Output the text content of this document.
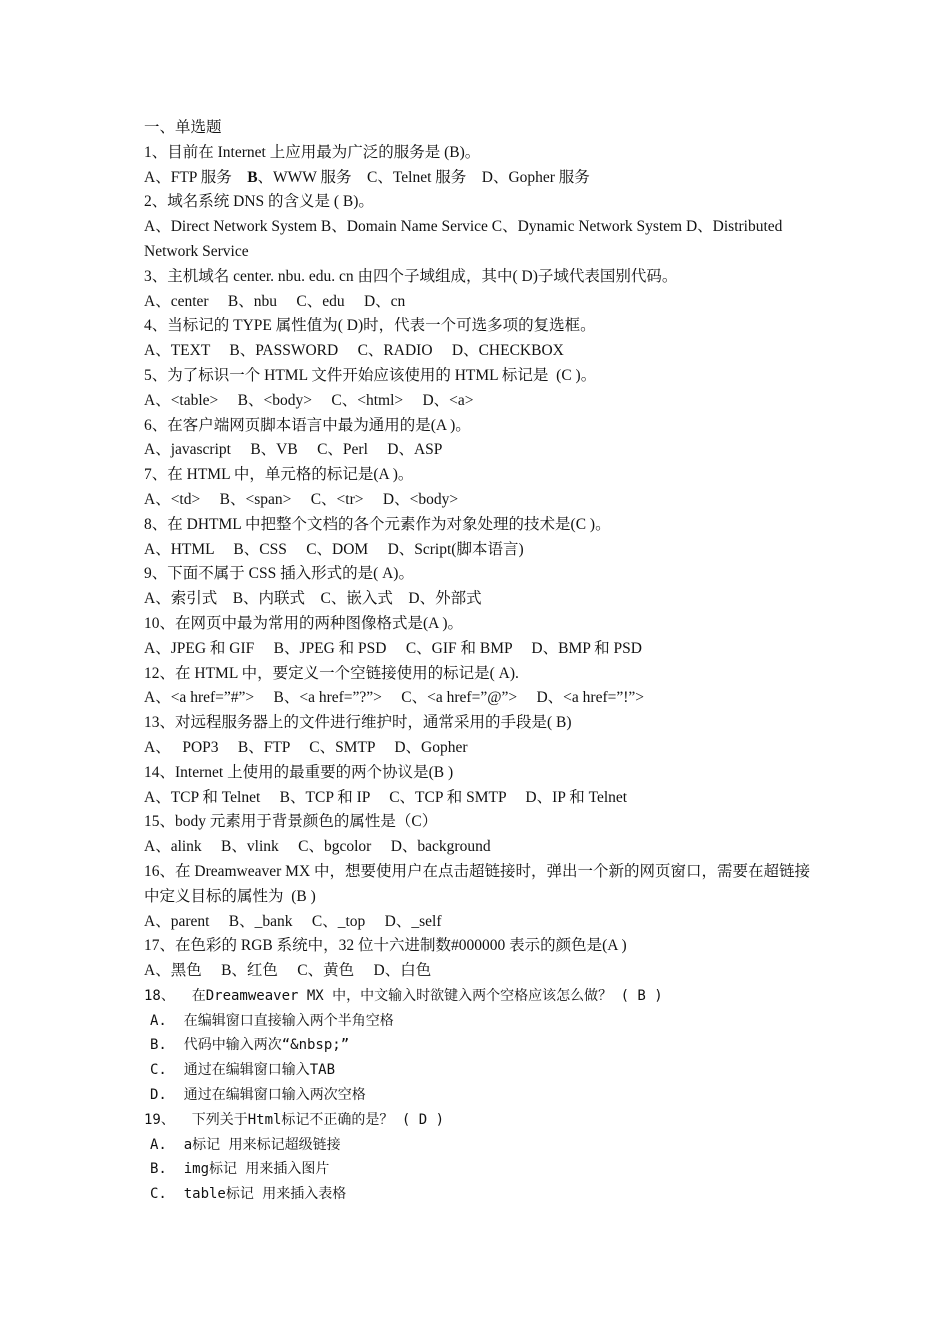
一、单选题
1、目前在 Internet 上应用最为广泛的服务是 (B)。
A、FTP 服务    B、WWW 服务    C、Telnet 服务    D、Gopher 服务
2、域名系统 DNS 的含义是 ( B)。
A、Direct Network System B、Domain Name Service C、Dynamic Network System D、Distributed Network Service
3、主机域名 center. nbu. edu. cn 由四个子域组成，其中( D)子域代表国别代码。
A、center     B、nbu     C、edu     D、cn
4、当标记的 TYPE 属性值为( D)时，代表一个可选多项的复选框。
A、TEXT     B、PASSWORD     C、RADIO     D、CHECKBOX
5、为了标识一个 HTML 文件开始应该使用的 HTML 标记是  (C )。
A、<table>     B、<body>     C、<html>     D、<a>
6、在客户端网页脚本语言中最为通用的是(A )。
A、javascript     B、VB     C、Perl     D、ASP
7、在 HTML 中，单元格的标记是(A )。
A、<td>     B、<span>     C、<tr>     D、<body>
8、在 DHTML 中把整个文档的各个元素作为对象处理的技术是(C )。
A、HTML     B、CSS     C、DOM     D、Script(脚本语言)
9、下面不属于 CSS 插入形式的是( A)。
A、索引式    B、内联式    C、嵌入式    D、外部式
10、在网页中最为常用的两种图像格式是(A )。
A、JPEG 和 GIF     B、JPEG 和 PSD     C、GIF 和 BMP     D、BMP 和 PSD
12、在 HTML 中，要定义一个空链接使用的标记是( A).
A、<a href=”#”>     B、<a href=”?”>     C、<a href=”@”>     D、<a href=”!”>
13、对远程服务器上的文件进行维护时，通常采用的手段是( B)
A、   POP3     B、FTP     C、SMTP     D、Gopher
14、Internet 上使用的最重要的两个协议是(B )
A、TCP 和 Telnet     B、TCP 和 IP     C、TCP 和 SMTP     D、IP 和 Telnet
15、body 元素用于背景颜色的属性是（C）
A、alink     B、vlink     C、bgcolor     D、background
16、在 Dreamweaver MX 中，想要使用户在点击超链接时，弹出一个新的网页窗口，需要在超链接中定义目标的属性为  (B )
A、parent     B、_bank     C、_top     D、_self
17、在色彩的 RGB 系统中，32 位十六进制数#000000 表示的颜色是(A )
A、黑色     B、红色     C、黄色     D、白色
18、  在Dreamweaver MX 中，中文输入时欲键入两个空格应该怎么做？ ( B )
A.  在编辑窗口直接输入两个半角空格
B.  代码中输入两次“&nbsp;”
C.  通过在编辑窗口输入TAB
D.  通过在编辑窗口输入两次空格
19、  下列关于Html标记不正确的是？ ( D )
A.  a标记 用来标记超级链接
B.  img标记 用来插入图片
C.  table标记 用来插入表格
